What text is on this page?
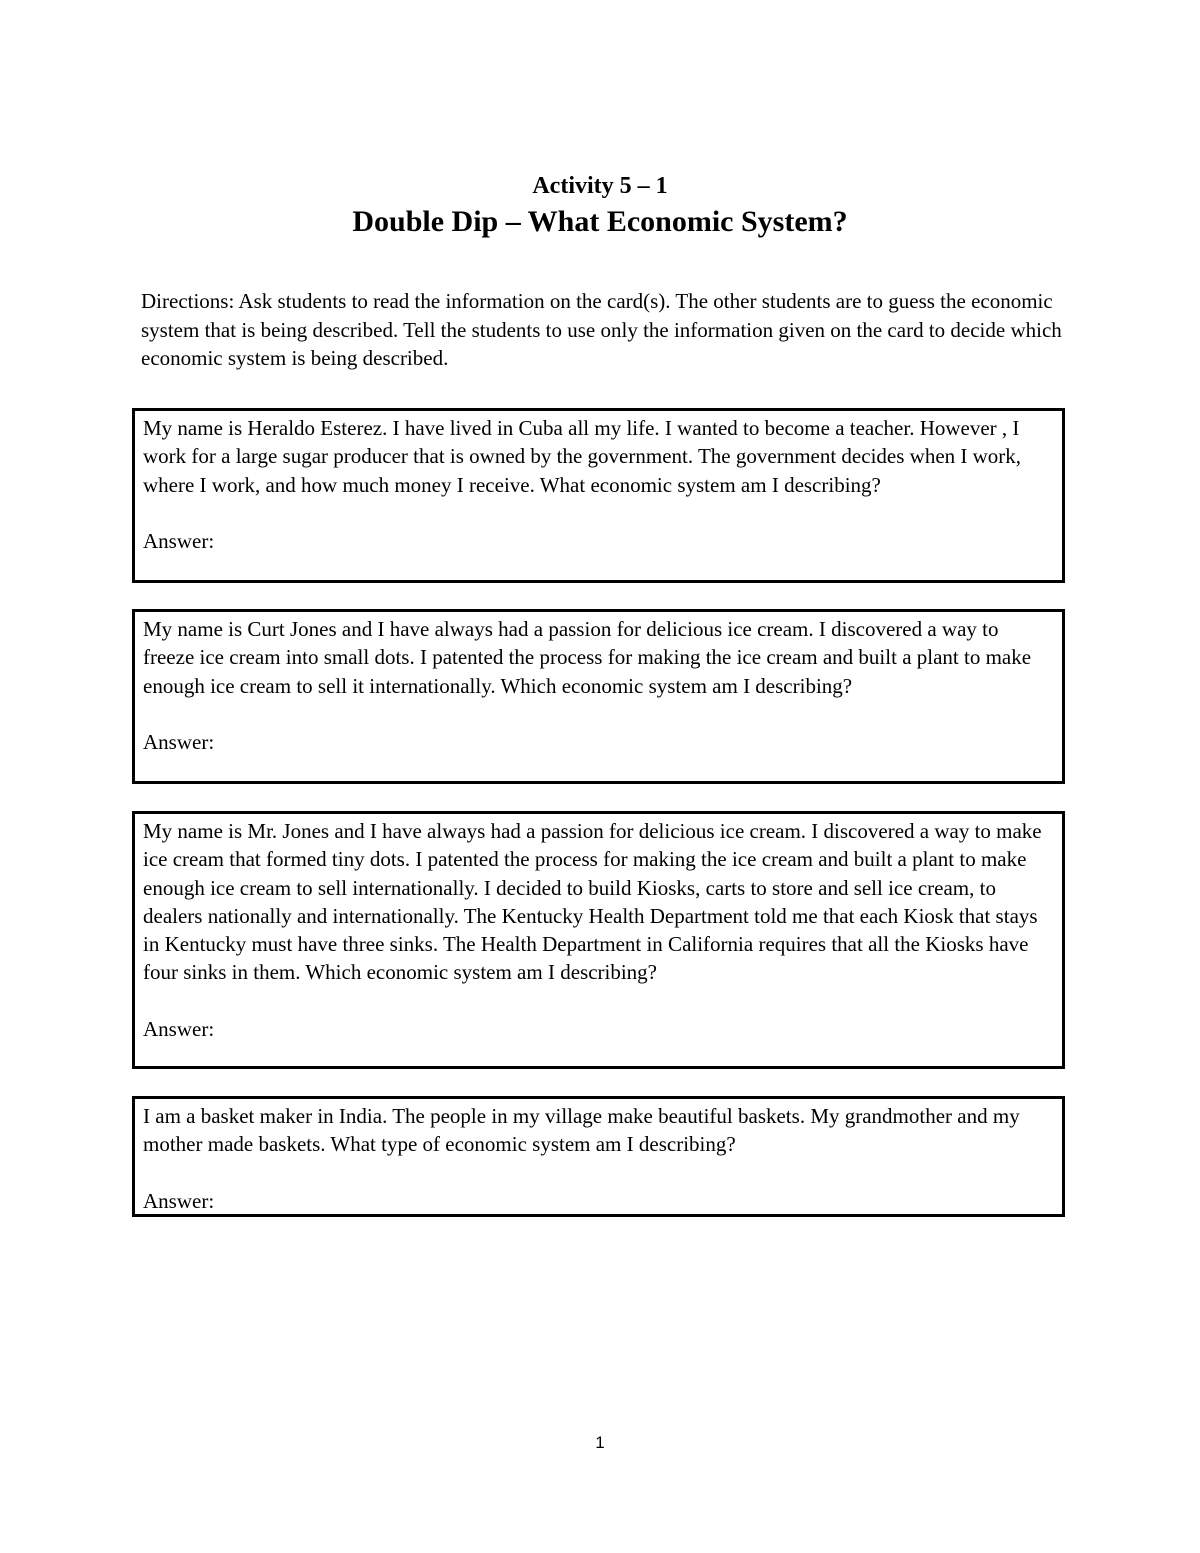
Activity 5 – 1
Double Dip – What Economic System?
Directions: Ask students to read the information on the card(s). The other students are to guess the economic system that is being described. Tell the students to use only the information given on the card to decide which economic system is being described.
My name is Heraldo Esterez. I have lived in Cuba all my life. I wanted to become a teacher. However , I work for a large sugar producer that is owned by the government. The government decides when I work, where I work, and how much money I receive. What economic system am I describing?
Answer:
My name is Curt Jones and I have always had a passion for delicious ice cream. I discovered a way to freeze ice cream into small dots. I patented the process for making the ice cream and built a plant to make enough ice cream to sell it internationally. Which economic system am I describing?
Answer:
My name is Mr. Jones and I have always had a passion for delicious ice cream. I discovered a way to make ice cream that formed tiny dots. I patented the process for making the ice cream and built a plant to make enough ice cream to sell internationally. I decided to build Kiosks, carts to store and sell ice cream, to dealers nationally and internationally. The Kentucky Health Department told me that each Kiosk that stays in Kentucky must have three sinks. The Health Department in California requires that all the Kiosks have four sinks in them. Which economic system am I describing?
Answer:
I am a basket maker in India. The people in my village make beautiful baskets. My grandmother and my mother made baskets. What type of economic system am I describing?
Answer:
1
